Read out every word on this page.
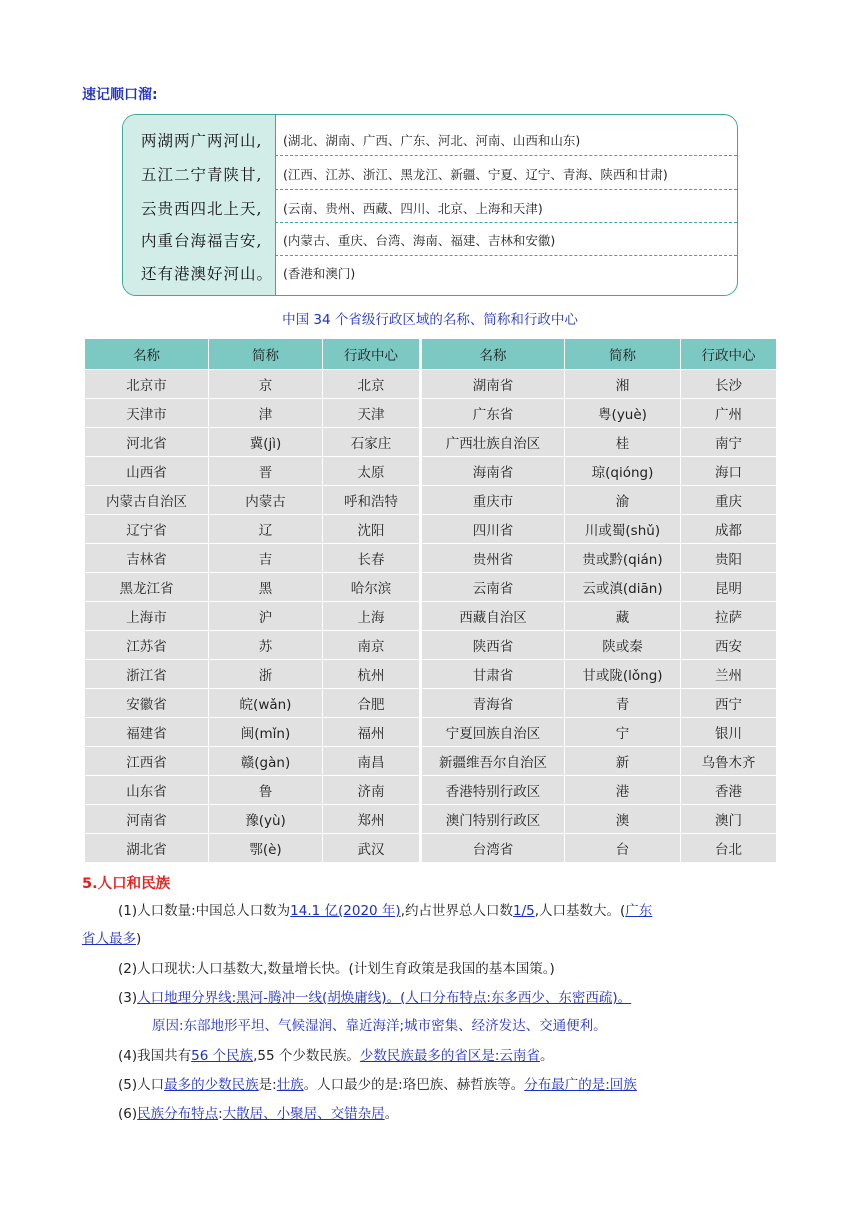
速记顺口溜:
两湖两广两河山, (湖北、湖南、广西、广东、河北、河南、山西和山东)
五江二宁青陕甘, (江西、江苏、浙江、黑龙江、新疆、宁夏、辽宁、青海、陕西和甘肃)
云贵西四北上天, (云南、贵州、西藏、四川、北京、上海和天津)
内重台海福吉安, (内蒙古、重庆、台湾、海南、福建、吉林和安徽)
还有港澳好河山。 (香港和澳门)
中国 34 个省级行政区域的名称、简称和行政中心
名称	简称	行政中心	名称	简称	行政中心
北京市	京	北京	湖南省	湘	长沙
天津市	津	天津	广东省	粤(yuè)	广州
河北省	冀(jì)	石家庄	广西壮族自治区	桂	南宁
山西省	晋	太原	海南省	琼(qióng)	海口
内蒙古自治区	内蒙古	呼和浩特	重庆市	渝	重庆
辽宁省	辽	沈阳	四川省	川或蜀(shǔ)	成都
吉林省	吉	长春	贵州省	贵或黔(qián)	贵阳
黑龙江省	黑	哈尔滨	云南省	云或滇(diān)	昆明
上海市	沪	上海	西藏自治区	藏	拉萨
江苏省	苏	南京	陕西省	陕或秦	西安
浙江省	浙	杭州	甘肃省	甘或陇(lǒng)	兰州
安徽省	皖(wǎn)	合肥	青海省	青	西宁
福建省	闽(mǐn)	福州	宁夏回族自治区	宁	银川
江西省	赣(gàn)	南昌	新疆维吾尔自治区	新	乌鲁木齐
山东省	鲁	济南	香港特别行政区	港	香港
河南省	豫(yù)	郑州	澳门特别行政区	澳	澳门
湖北省	鄂(è)	武汉	台湾省	台	台北
5.人口和民族
(1)人口数量:中国总人口数为14.1 亿(2020 年),约占世界总人口数1/5,人口基数大。(广东
省人最多)
(2)人口现状:人口基数大,数量增长快。(计划生育政策是我国的基本国策。)
(3)人口地理分界线:黑河-腾冲一线(胡焕庸线)。(人口分布特点:东多西少、东密西疏)。
原因:东部地形平坦、气候湿润、靠近海洋;城市密集、经济发达、交通便利。
(4)我国共有56 个民族,55 个少数民族。少数民族最多的省区是:云南省。
(5)人口最多的少数民族是:壮族。人口最少的是:珞巴族、赫哲族等。分布最广的是:回族
(6)民族分布特点:大散居、小聚居、交错杂居。
